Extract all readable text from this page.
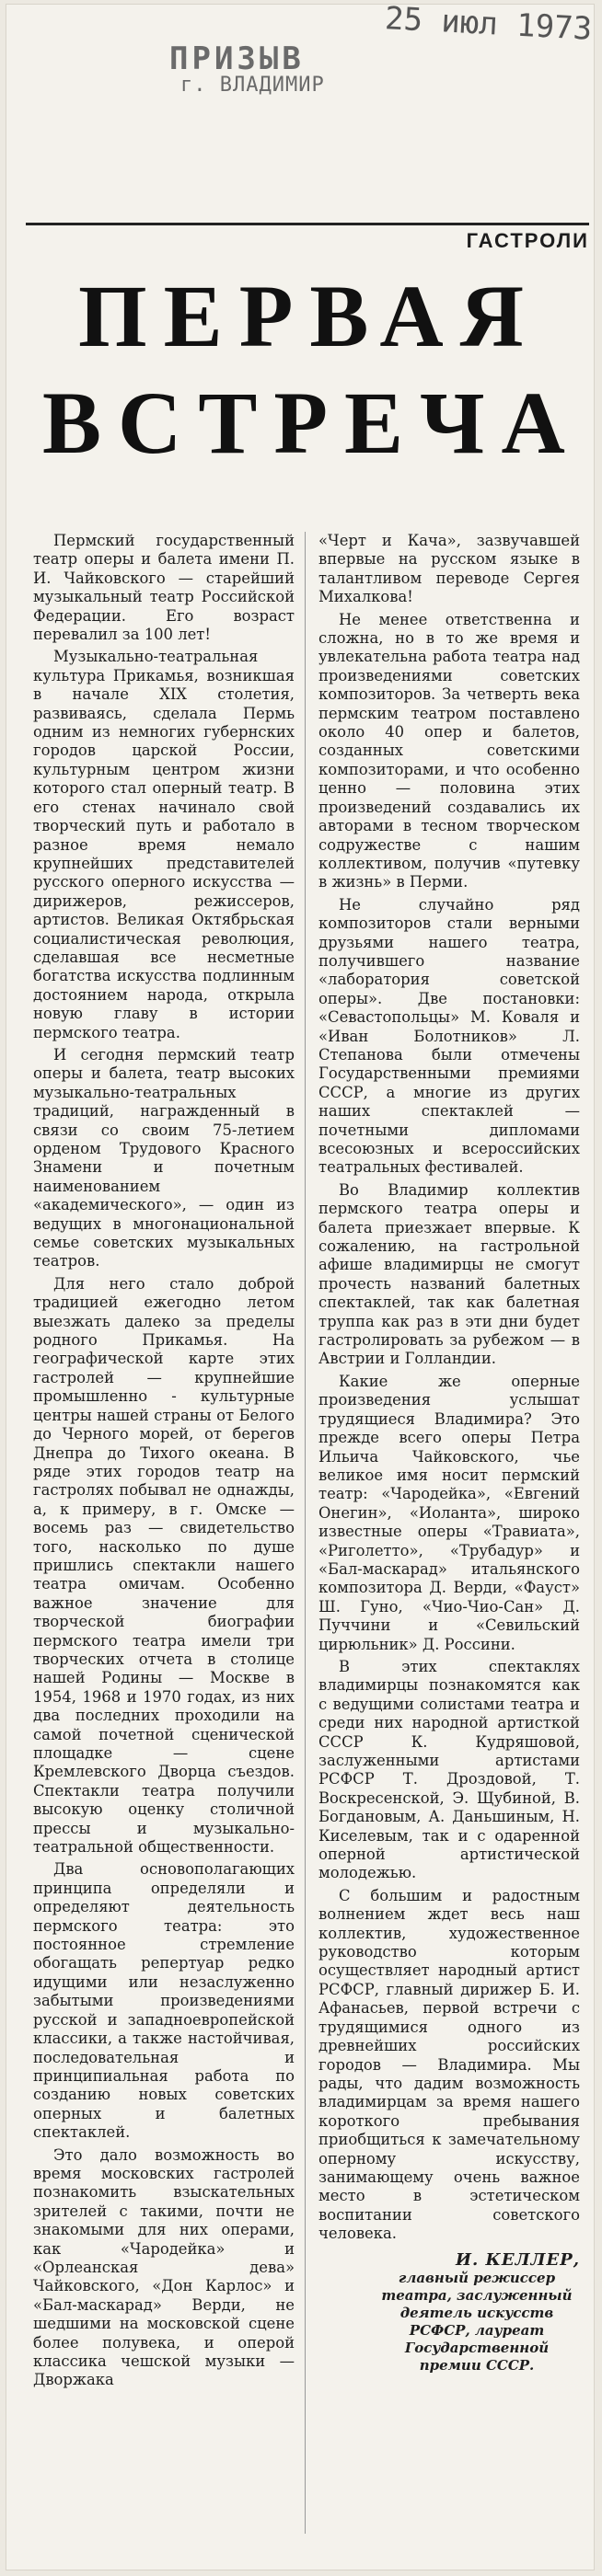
25 июл 1973
ПРИЗЫВ
г. ВЛАДИМИР
ГАСТРОЛИ
ПЕРВАЯ
ВСТРЕЧА

Пермский государственный театр оперы и балета имени П. И. Чайковского — старейший музыкальный театр Российской Федерации. Его возраст перевалил за 100 лет!

Музыкально-театральная культура Прикамья, возникшая в начале XIX столетия, развиваясь, сделала Пермь одним из немногих губернских городов царской России, культурным центром жизни которого стал оперный театр. В его стенах начинало свой творческий путь и работало в разное время немало крупнейших представителей русского оперного искусства — дирижеров, режиссеров, артистов. Великая Октябрьская социалистическая революция, сделавшая все несметные богатства искусства подлинным достоянием народа, открыла новую главу в истории пермского театра.

И сегодня пермский театр оперы и балета, театр высоких музыкально-театральных традиций, награжденный в связи со своим 75-летием орденом Трудового Красного Знамени и почетным наименованием «академического», — один из ведущих в многонациональной семье советских музыкальных театров.

Для него стало доброй традицией ежегодно летом выезжать далеко за пределы родного Прикамья. На географической карте этих гастролей — крупнейшие промышленно - культурные центры нашей страны от Белого до Черного морей, от берегов Днепра до Тихого океана. В ряде этих городов театр на гастролях побывал не однажды, а, к примеру, в г. Омске — восемь раз — свидетельство того, насколько по душе пришлись спектакли нашего театра омичам. Особенно важное значение для творческой биографии пермского театра имели три творческих отчета в столице нашей Родины — Москве в 1954, 1968 и 1970 годах, из них два последних проходили на самой почетной сценической площадке — сцене Кремлевского Дворца съездов. Спектакли театра получили высокую оценку столичной прессы и музыкально-театральной общественности.

Два основополагающих принципа определяли и определяют деятельность пермского театра: это постоянное стремление обогащать репертуар редко идущими или незаслуженно забытыми произведениями русской и западноевропейской классики, а также настойчивая, последовательная и принципиальная работа по созданию новых советских оперных и балетных спектаклей.

Это дало возможность во время московских гастролей познакомить взыскательных зрителей с такими, почти не знакомыми для них операми, как «Чародейка» и «Орлеанская дева» Чайковского, «Дон Карлос» и «Бал-маскарад» Верди, не шедшими на московской сцене более полувека, и оперой классика чешской музыки — Дворжака

«Черт и Кача», зазвучавшей впервые на русском языке в талантливом переводе Сергея Михалкова!

Не менее ответственна и сложна, но в то же время и увлекательна работа театра над произведениями советских композиторов. За четверть века пермским театром поставлено около 40 опер и балетов, созданных советскими композиторами, и что особенно ценно — половина этих произведений создавались их авторами в тесном творческом содружестве с нашим коллективом, получив «путевку в жизнь» в Перми.

Не случайно ряд композиторов стали верными друзьями нашего театра, получившего название «лаборатория советской оперы». Две постановки: «Севастопольцы» М. Коваля и «Иван Болотников» Л. Степанова были отмечены Государственными премиями СССР, а многие из других наших спектаклей — почетными дипломами всесоюзных и всероссийских театральных фестивалей.

Во Владимир коллектив пермского театра оперы и балета приезжает впервые. К сожалению, на гастрольной афише владимирцы не смогут прочесть названий балетных спектаклей, так как балетная труппа как раз в эти дни будет гастролировать за рубежом — в Австрии и Голландии.

Какие же оперные произведения услышат трудящиеся Владимира? Это прежде всего оперы Петра Ильича Чайковского, чье великое имя носит пермский театр: «Чародейка», «Евгений Онегин», «Иоланта», широко известные оперы «Травиата», «Риголетто», «Трубадур» и «Бал-маскарад» итальянского композитора Д. Верди, «Фауст» Ш. Гуно, «Чио-Чио-Сан» Д. Пуччини и «Севильский цирюльник» Д. Россини.

В этих спектаклях владимирцы познакомятся как с ведущими солистами театра и среди них народной артисткой СССР К. Кудряшовой, заслуженными артистами РСФСР Т. Дроздовой, Т. Воскресенской, Э. Щубиной, В. Богдановым, А. Даньшиным, Н. Киселевым, так и с одаренной оперной артистической молодежью.

С большим и радостным волнением ждет весь наш коллектив, художественное руководство которым осуществляет народный артист РСФСР, главный дирижер Б. И. Афанасьев, первой встречи с трудящимися одного из древнейших российских городов — Владимира. Мы рады, что дадим возможность владимирцам за время нашего короткого пребывания приобщиться к замечательному оперному искусству, занимающему очень важное место в эстетическом воспитании советского человека.

И. КЕЛЛЕР,
главный режиссер театра, заслуженный деятель искусств РСФСР, лауреат Государственной премии СССР.
